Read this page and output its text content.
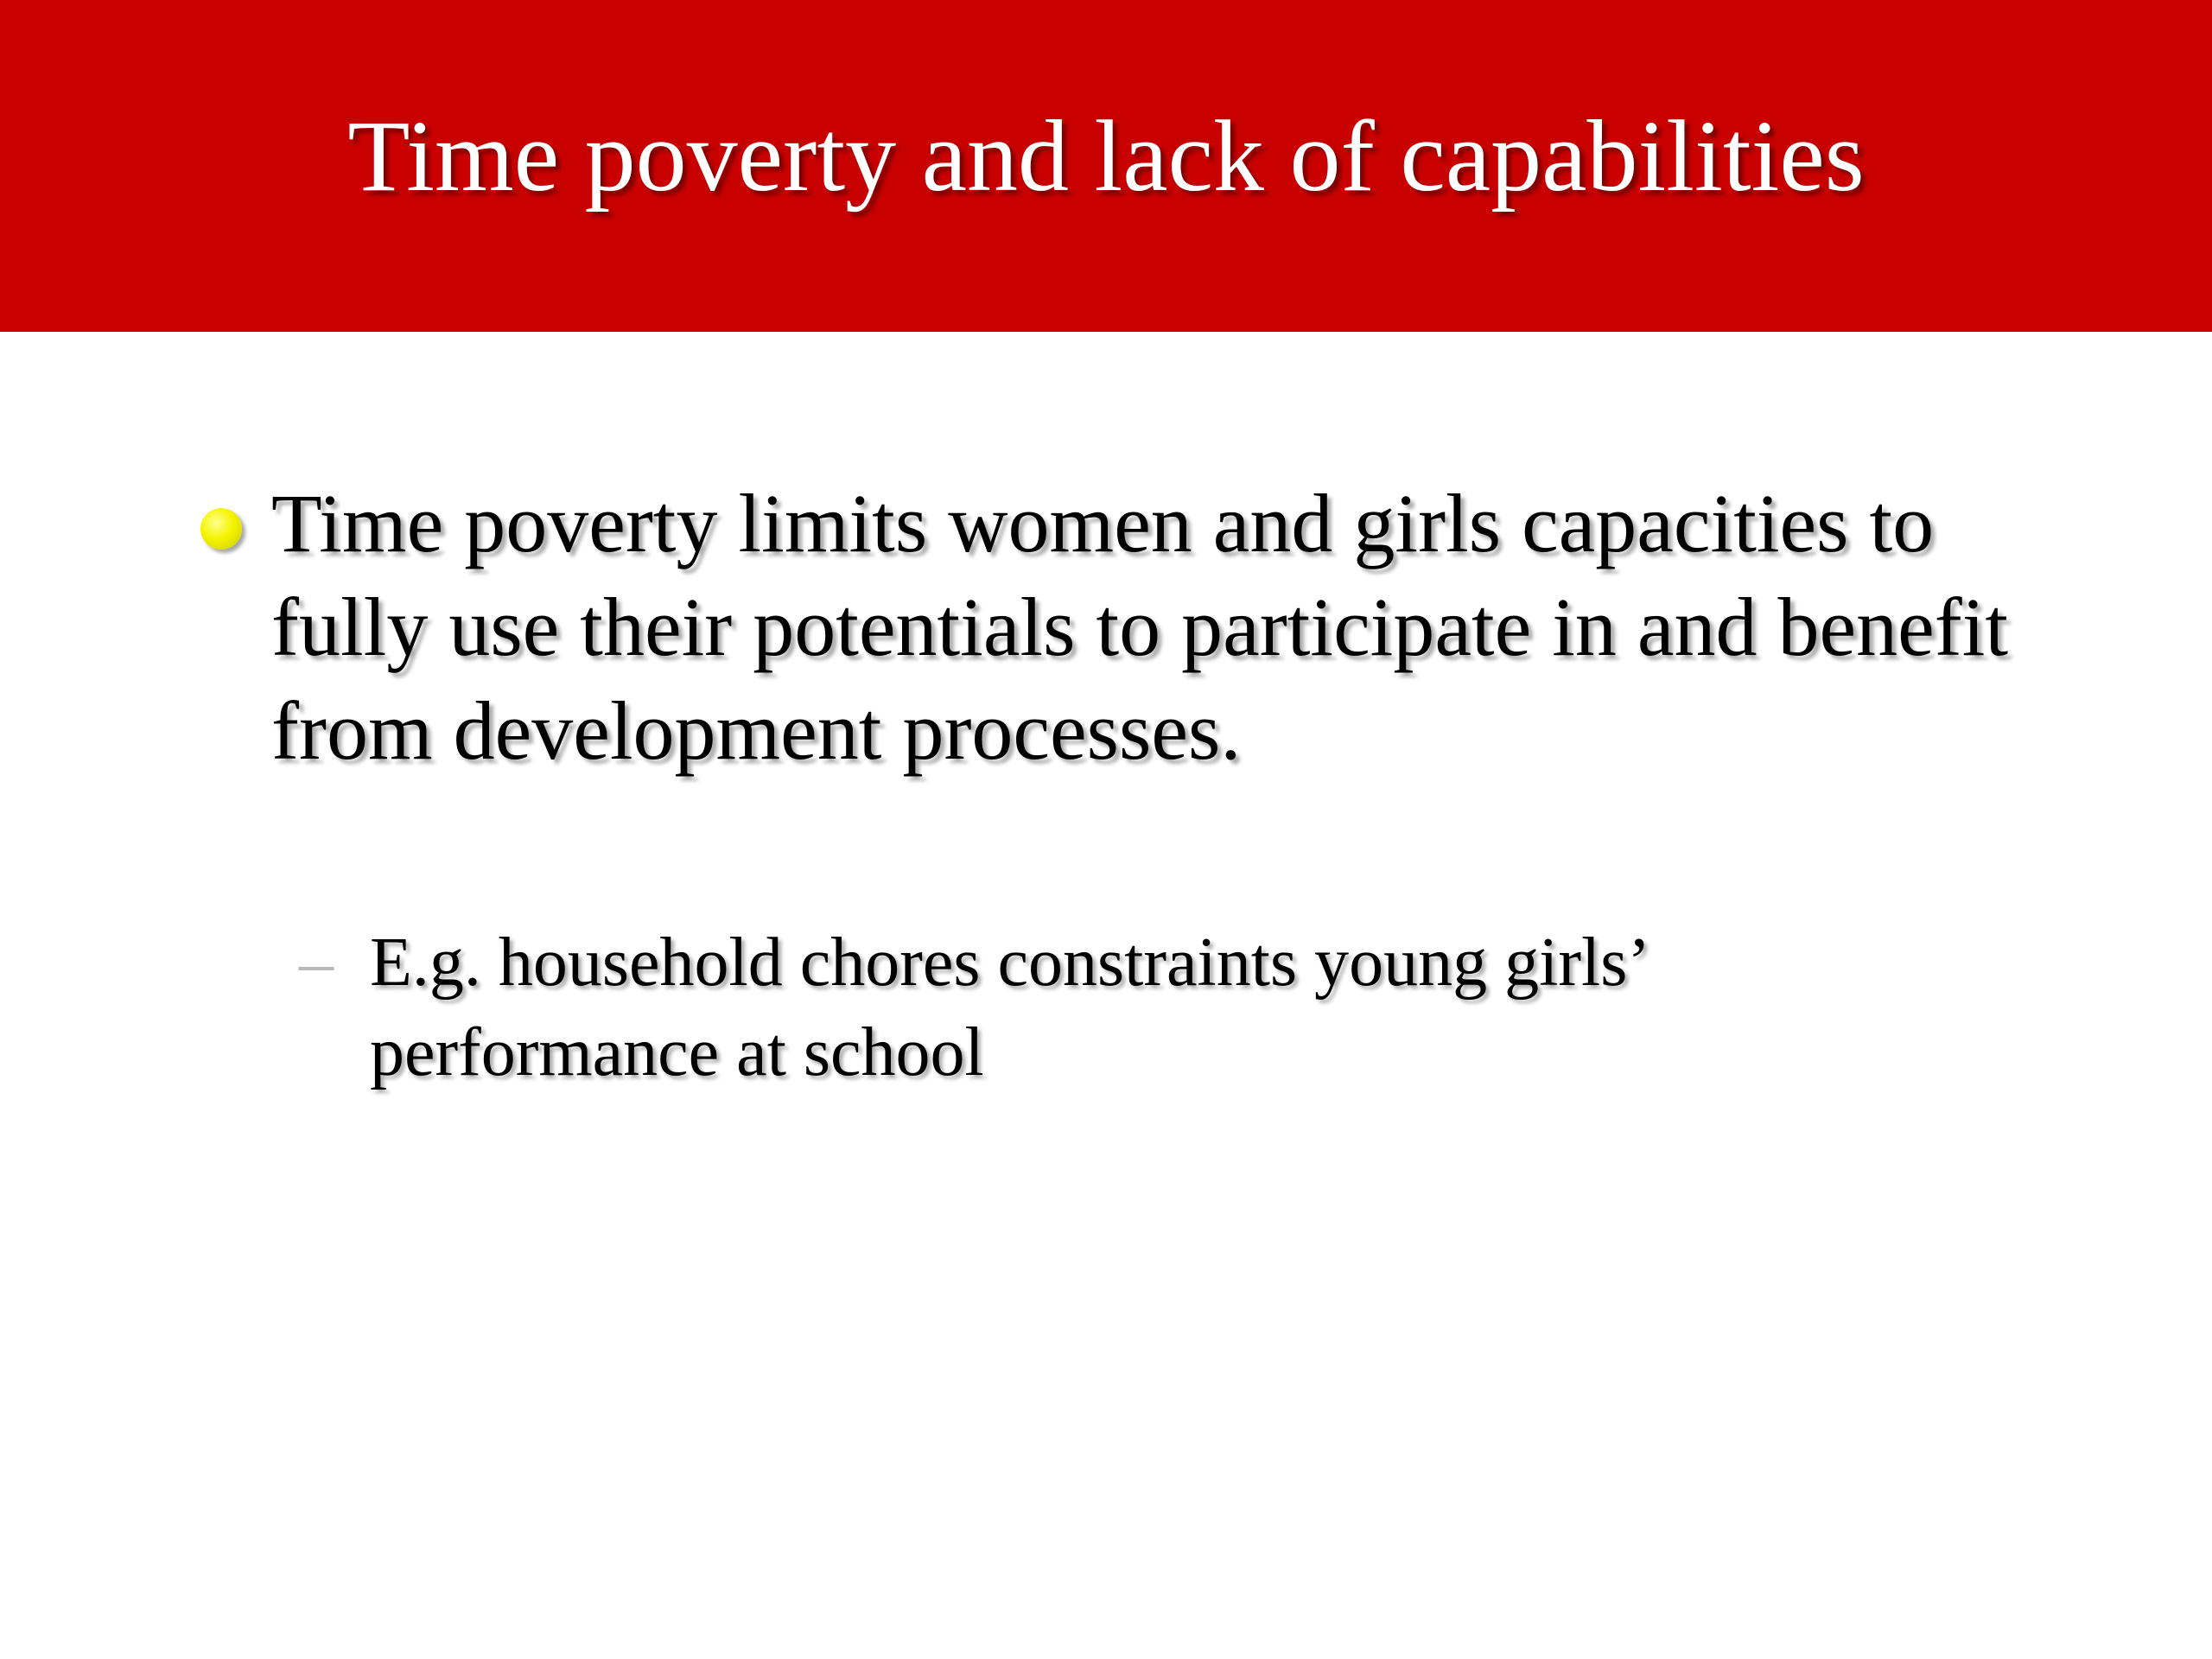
Time poverty and lack of capabilities

Time poverty limits women and girls capacities to fully use their potentials to participate in and benefit from development processes.

– E.g. household chores constraints young girls’ performance at school
